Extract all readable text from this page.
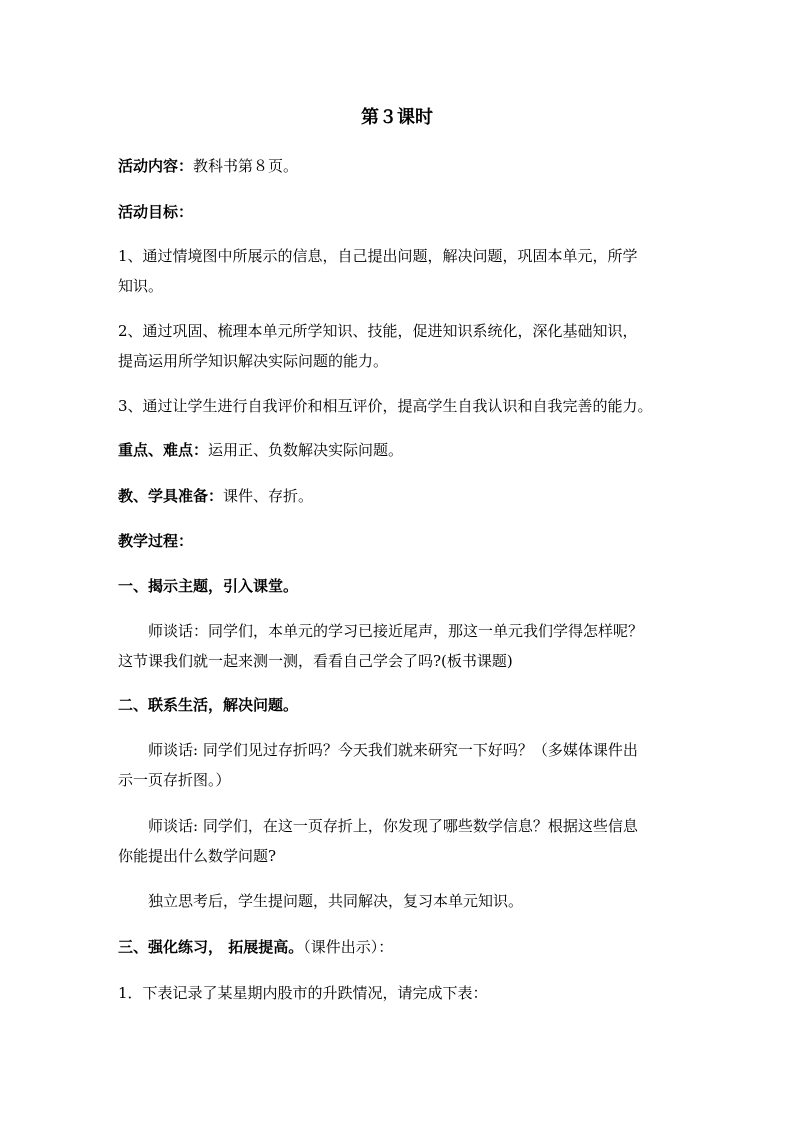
第３课时

活动内容：教科书第８页。

活动目标：

1、通过情境图中所展示的信息，自己提出问题，解决问题，巩固本单元，所学
知识。

2、通过巩固、梳理本单元所学知识、技能，促进知识系统化，深化基础知识，
提高运用所学知识解决实际问题的能力。

3、通过让学生进行自我评价和相互评价，提高学生自我认识和自我完善的能力。

重点、难点：运用正、负数解决实际问题。

教、学具准备：课件、存折。

教学过程：

一、揭示主题，引入课堂。

师谈话：同学们，本单元的学习已接近尾声，那这一单元我们学得怎样呢？
这节课我们就一起来测一测，看看自己学会了吗?(板书课题)

二、联系生活，解决问题。

师谈话: 同学们见过存折吗？今天我们就来研究一下好吗？（多媒体课件出
示一页存折图。）

师谈话: 同学们，在这一页存折上，你发现了哪些数学信息？根据这些信息
你能提出什么数学问题?

独立思考后，学生提问题，共同解决，复习本单元知识。

三、强化练习， 拓展提高。（课件出示）：

1．下表记录了某星期内股市的升跌情况，请完成下表：
